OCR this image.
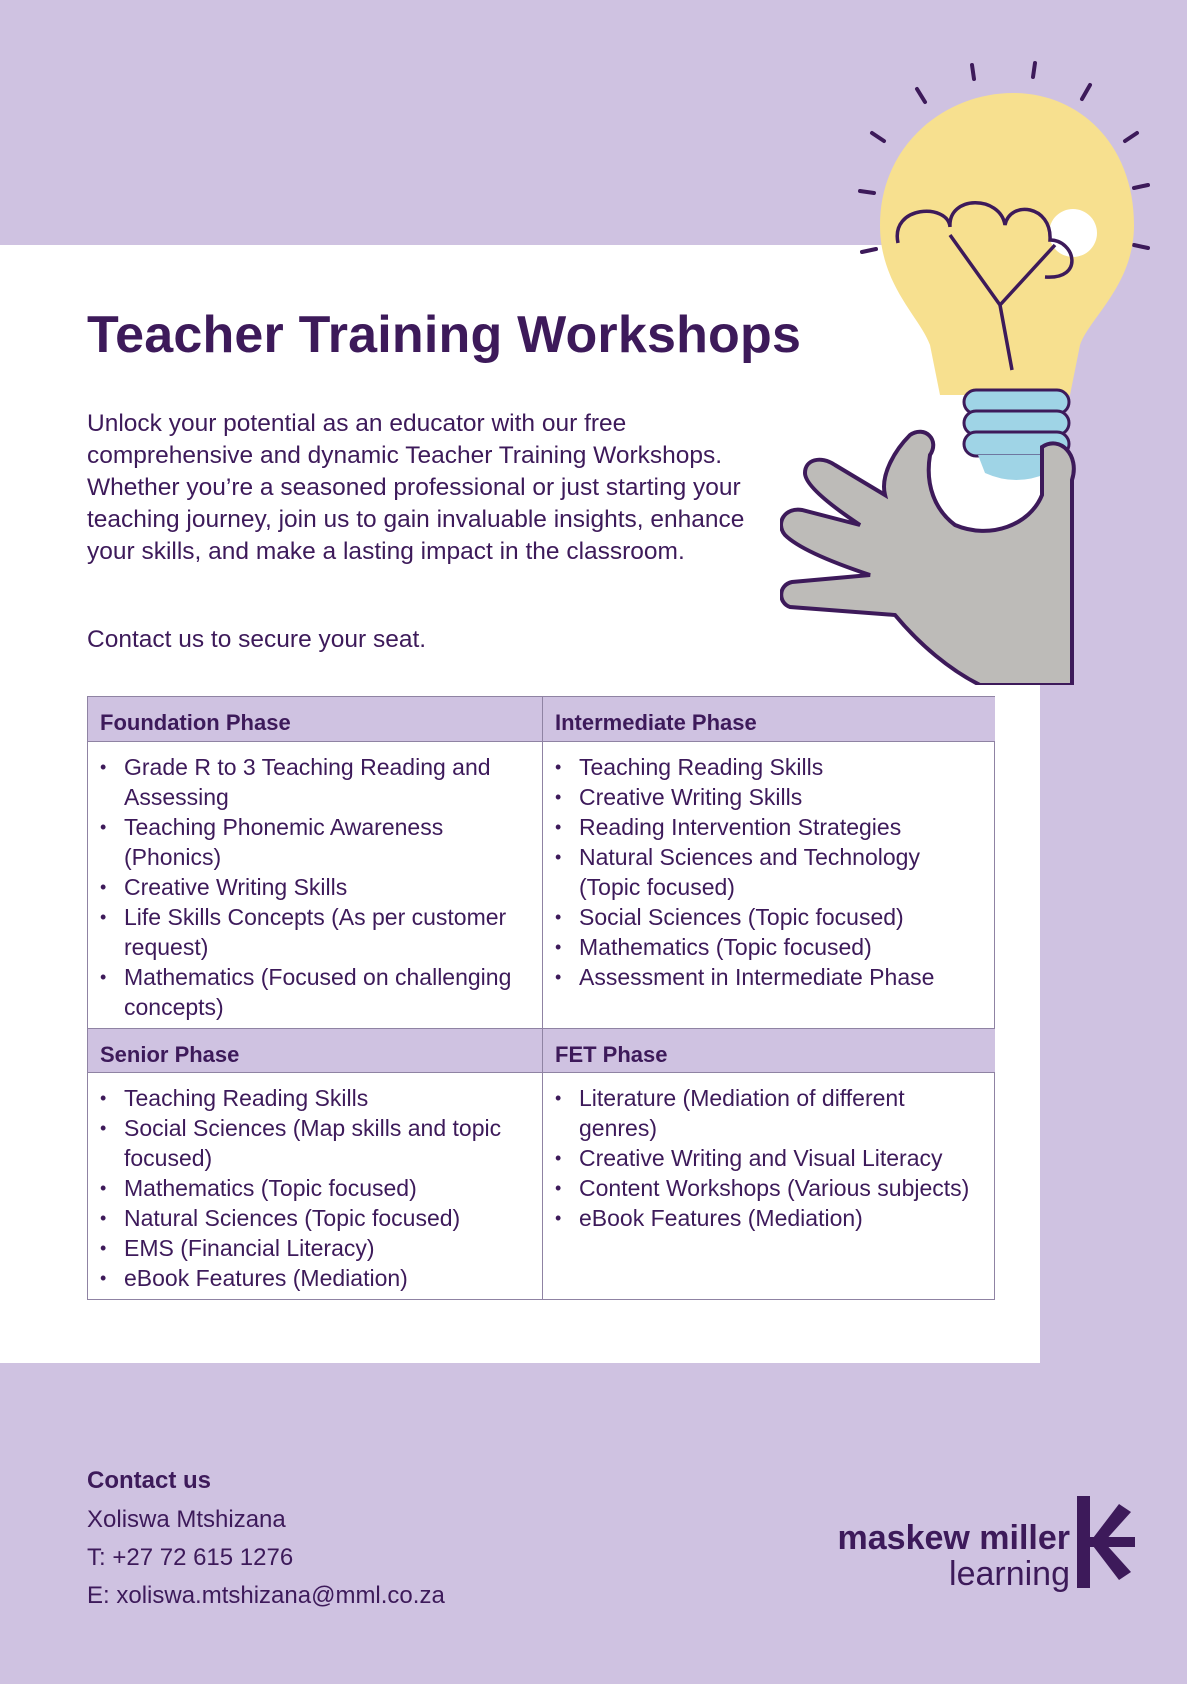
Teacher Training Workshops

Unlock your potential as an educator with our free comprehensive and dynamic Teacher Training Workshops. Whether you’re a seasoned professional or just starting your teaching journey, join us to gain invaluable insights, enhance your skills, and make a lasting impact in the classroom.

Contact us to secure your seat.

Foundation Phase	Intermediate Phase
• Grade R to 3 Teaching Reading and Assessing
• Teaching Phonemic Awareness (Phonics)
• Creative Writing Skills
• Life Skills Concepts (As per customer request)
• Mathematics (Focused on challenging concepts)
• Teaching Reading Skills
• Creative Writing Skills
• Reading Intervention Strategies
• Natural Sciences and Technology (Topic focused)
• Social Sciences (Topic focused)
• Mathematics (Topic focused)
• Assessment in Intermediate Phase
Senior Phase	FET Phase
• Teaching Reading Skills
• Social Sciences (Map skills and topic focused)
• Mathematics (Topic focused)
• Natural Sciences (Topic focused)
• EMS (Financial Literacy)
• eBook Features (Mediation)
• Literature (Mediation of different genres)
• Creative Writing and Visual Literacy
• Content Workshops (Various subjects)
• eBook Features (Mediation)
Contact us
Xoliswa Mtshizana
T: +27 72 615 1276
E: xoliswa.mtshizana@mml.co.za
maskew miller
learning
